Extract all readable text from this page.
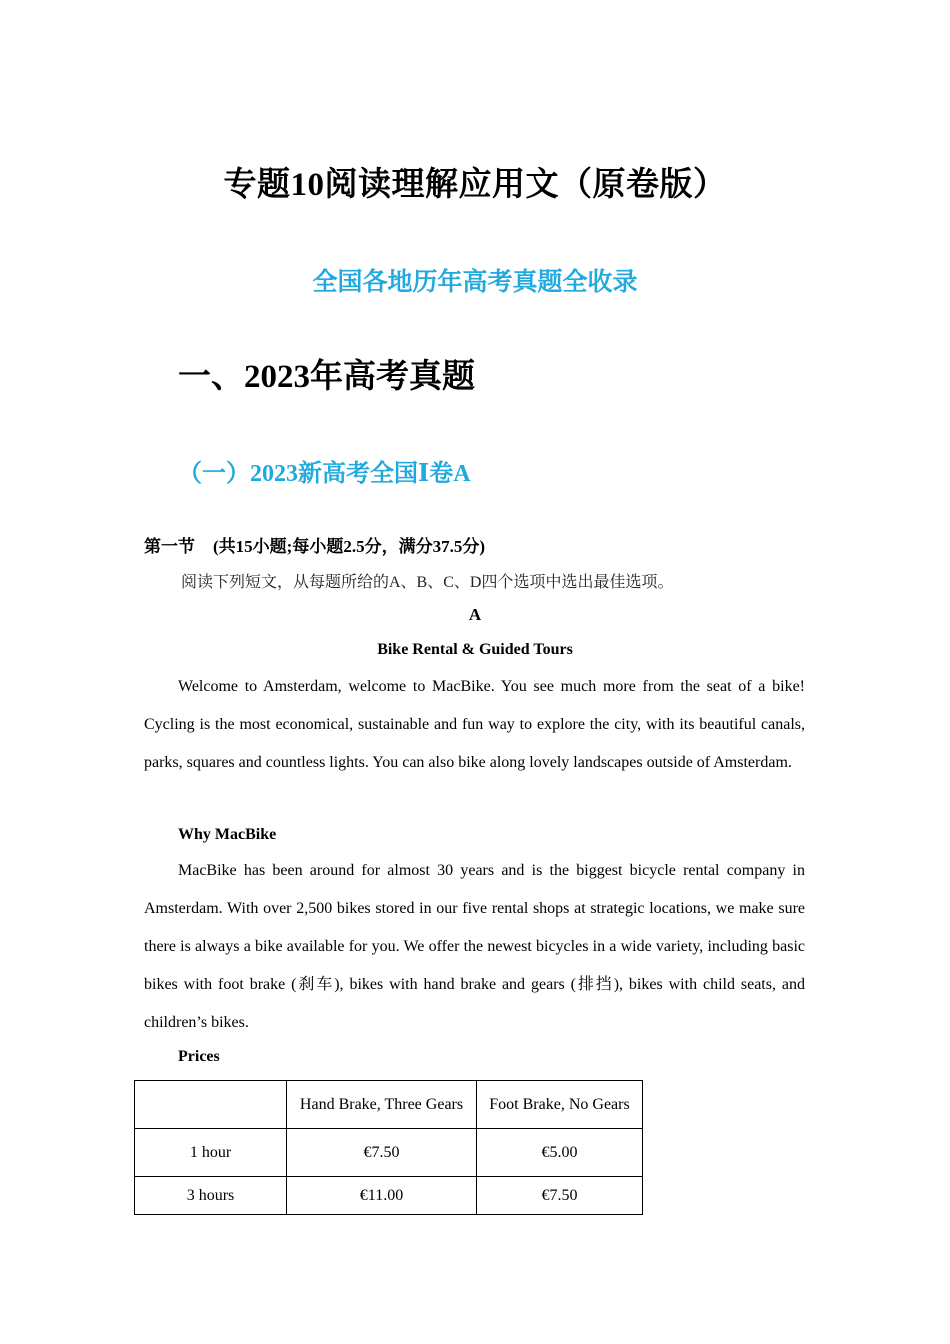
专题10阅读理解应用文（原卷版）
全国各地历年高考真题全收录
一、2023年高考真题
（一）2023新高考全国Ⅰ卷A
第一节 (共15小题;每小题2.5分，满分37.5分)
阅读下列短文，从每题所给的A、B、C、D四个选项中选出最佳选项。
A
Bike Rental & Guided Tours

Welcome to Amsterdam, welcome to MacBike. You see much more from the seat of a bike! Cycling is the most economical, sustainable and fun way to explore the city, with its beautiful canals, parks, squares and countless lights. You can also bike along lovely landscapes outside of Amsterdam.

Why MacBike

MacBike has been around for almost 30 years and is the biggest bicycle rental company in Amsterdam. With over 2,500 bikes stored in our five rental shops at strategic locations, we make sure there is always a bike available for you. We offer the newest bicycles in a wide variety, including basic bikes with foot brake (刹车), bikes with hand brake and gears (排挡), bikes with child seats, and children’s bikes.

Prices
	Hand Brake, Three Gears	Foot Brake, No Gears
1 hour	€7.50	€5.00
3 hours	€11.00	€7.50
